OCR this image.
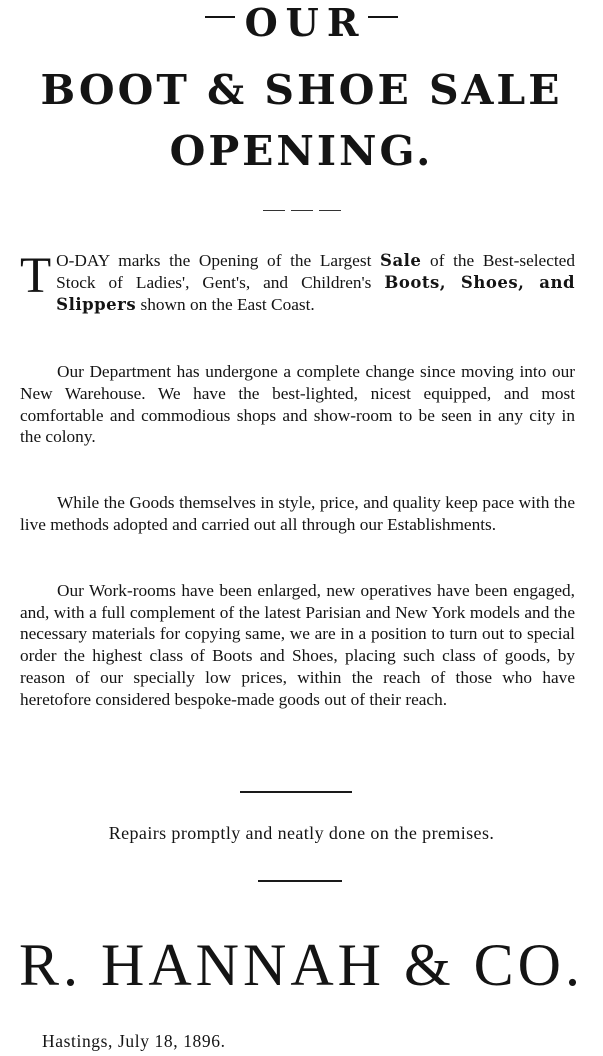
OUR
BOOT & SHOE SALE
OPENING.

T O-DAY marks the Opening of the Largest Sale of the Best-selected Stock of Ladies', Gent's, and Children's Boots, Shoes, and Slippers shown on the East Coast.

Our Department has undergone a complete change since moving into our New Warehouse. We have the best-lighted, nicest equipped, and most comfortable and commodious shops and show-room to be seen in any city in the colony.

While the Goods themselves in style, price, and quality keep pace with the live methods adopted and carried out all through our Establishments.

Our Work-rooms have been enlarged, new operatives have been engaged, and, with a full complement of the latest Parisian and New York models and the necessary materials for copying same, we are in a position to turn out to special order the highest class of Boots and Shoes, placing such class of goods, by reason of our specially low prices, within the reach of those who have heretofore considered bespoke-made goods out of their reach.

Repairs promptly and neatly done on the premises.
R. HANNAH & CO.
Hastings, July 18, 1896.
